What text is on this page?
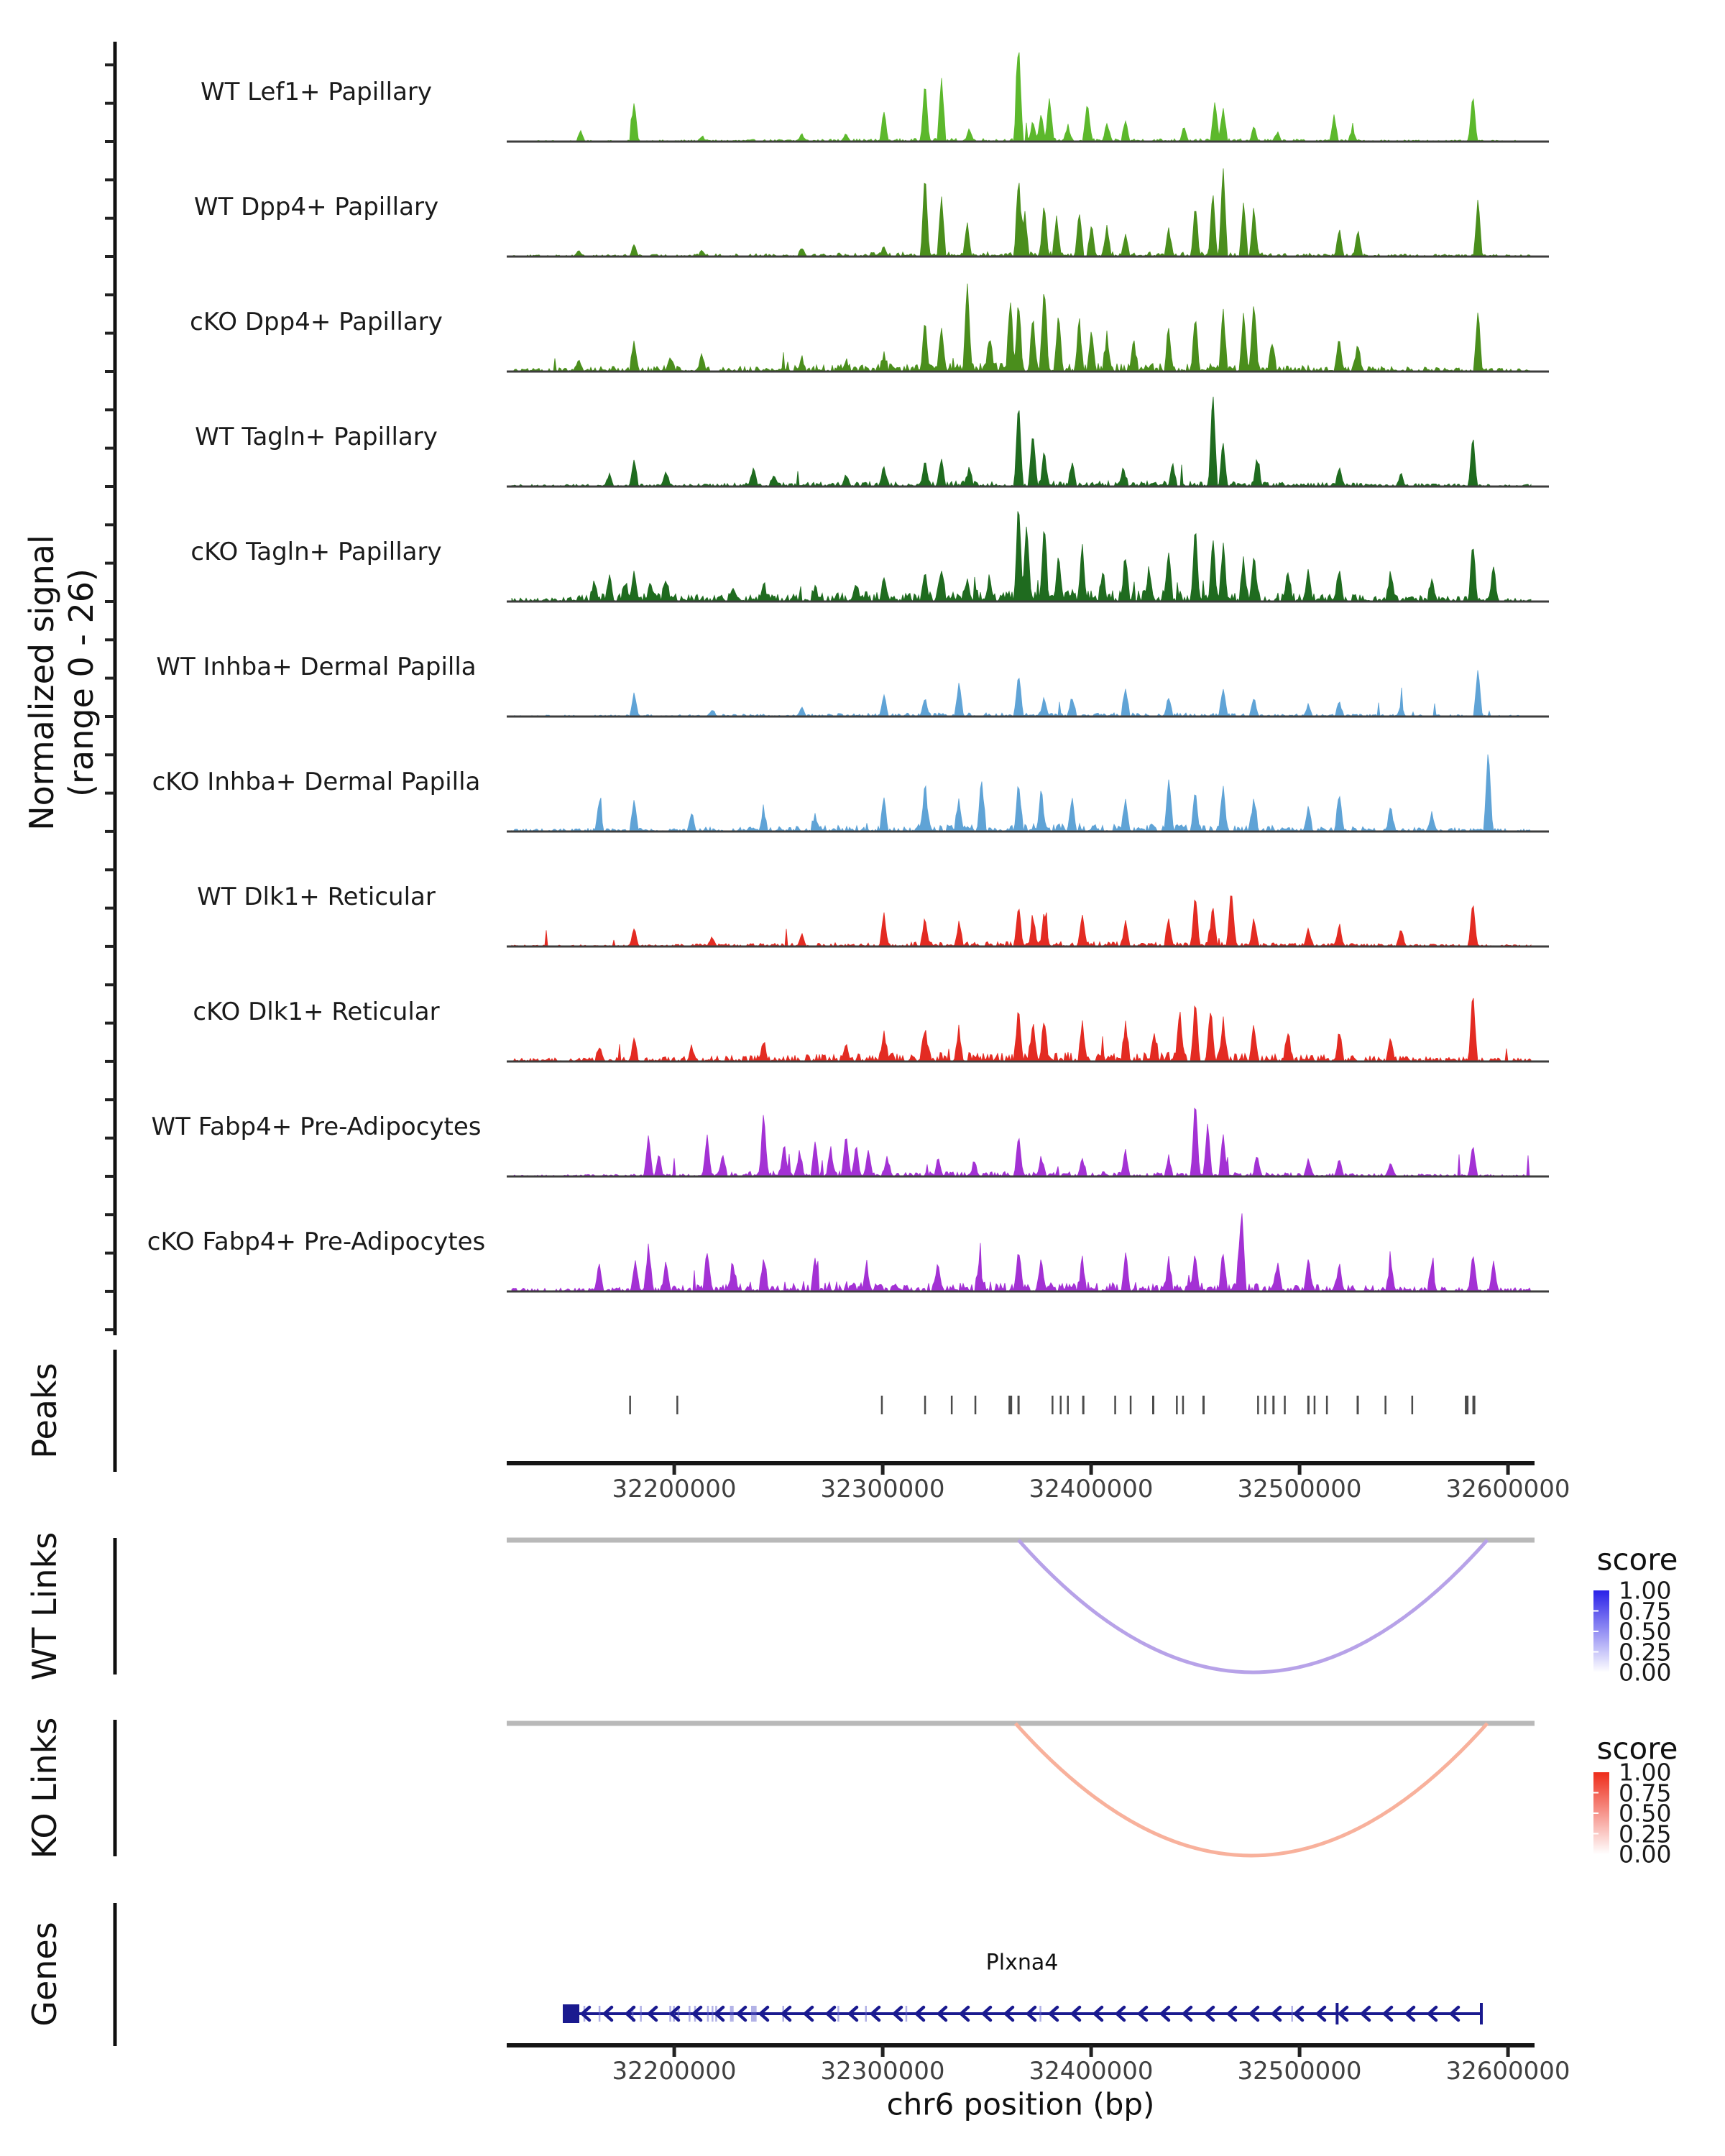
Normalized signal (range 0 - 26)
Peaks
WT Links
KO Links
Genes
WT Lef1+ Papillary
WT Dpp4+ Papillary
cKO Dpp4+ Papillary
WT Tagln+ Papillary
cKO Tagln+ Papillary
WT Inhba+ Dermal Papilla
cKO Inhba+ Dermal Papilla
WT Dlk1+ Reticular
cKO Dlk1+ Reticular
WT Fabp4+ Pre-Adipocytes
cKO Fabp4+ Pre-Adipocytes
32200000	32300000	32400000	32500000	32600000
32200000	32300000	32400000	32500000	32600000
chr6 position (bp)
score
score
1.00
0.75
0.50
0.25
0.00
1.00
0.75
0.50
0.25
0.00
Plxna4
